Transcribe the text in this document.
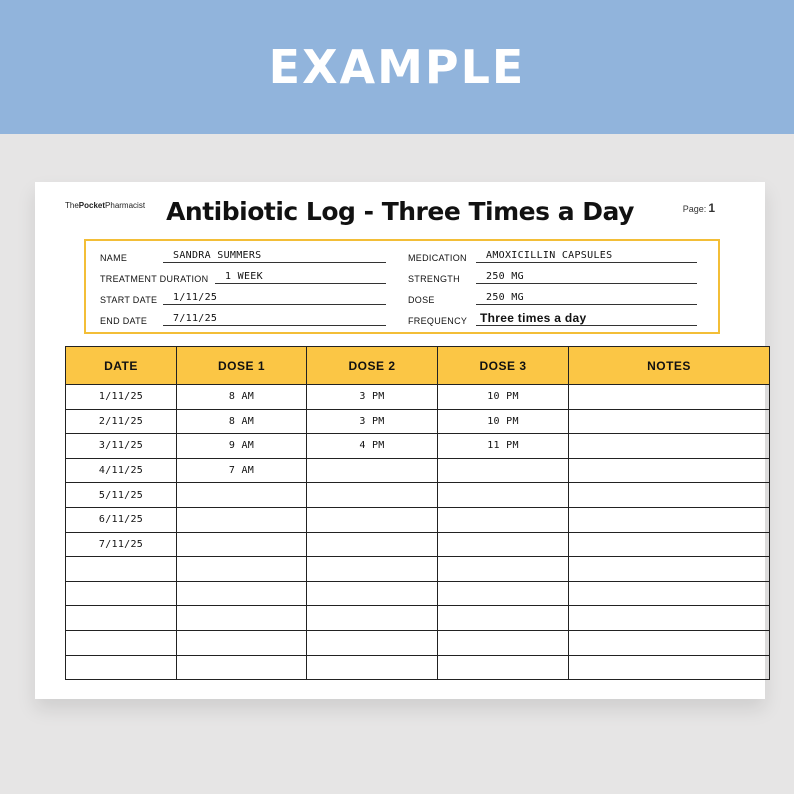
EXAMPLE
ThePocketPharmacist Antibiotic Log - Three Times a Day	Page: 1
NAME	SANDRA SUMMERS
TREATMENT DURATION	1 WEEK
START DATE	1/11/25
END DATE	7/11/25
MEDICATION	AMOXICILLIN CAPSULES
STRENGTH	250 MG
DOSE	250 MG
FREQUENCY	Three times a day
DATE	DOSE 1	DOSE 2	DOSE 3	NOTES
1/11/25	8 AM	3 PM	10 PM	
2/11/25	8 AM	3 PM	10 PM	
3/11/25	9 AM	4 PM	11 PM	
4/11/25	7 AM			
5/11/25				
6/11/25				
7/11/25				
